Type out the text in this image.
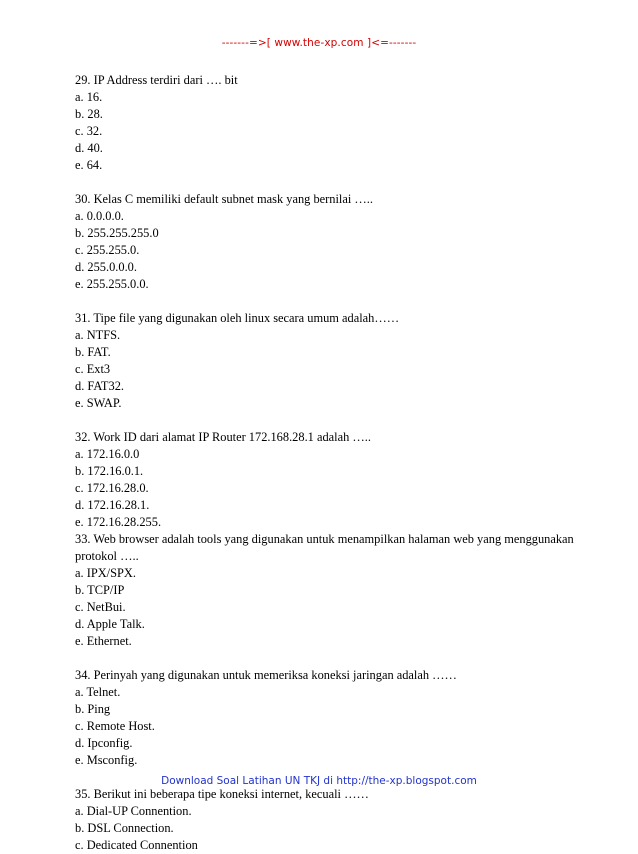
-------=>[ www.the-xp.com ]<=-------
29. IP Address terdiri dari …. bit
a. 16.
b. 28.
c. 32.
d. 40.
e. 64.
30. Kelas C memiliki default subnet mask yang bernilai …..
a. 0.0.0.0.
b. 255.255.255.0
c. 255.255.0.
d. 255.0.0.0.
e. 255.255.0.0.
31. Tipe file yang digunakan oleh linux secara umum adalah……
a. NTFS.
b. FAT.
c. Ext3
d. FAT32.
e. SWAP.
32. Work ID dari alamat IP Router 172.168.28.1 adalah …..
a. 172.16.0.0
b. 172.16.0.1.
c. 172.16.28.0.
d. 172.16.28.1.
e. 172.16.28.255.
33. Web browser adalah tools yang digunakan untuk menampilkan halaman web yang menggunakan protokol …..
a. IPX/SPX.
b. TCP/IP
c. NetBui.
d. Apple Talk.
e. Ethernet.
34. Perinyah yang digunakan untuk memeriksa koneksi jaringan adalah ……
a. Telnet.
b. Ping
c. Remote Host.
d. Ipconfig.
e. Msconfig.
35. Berikut ini beberapa tipe koneksi internet, kecuali ……
a. Dial-UP Connention.
b. DSL Connection.
c. Dedicated Connention
Download Soal Latihan UN TKJ di http://the-xp.blogspot.com
